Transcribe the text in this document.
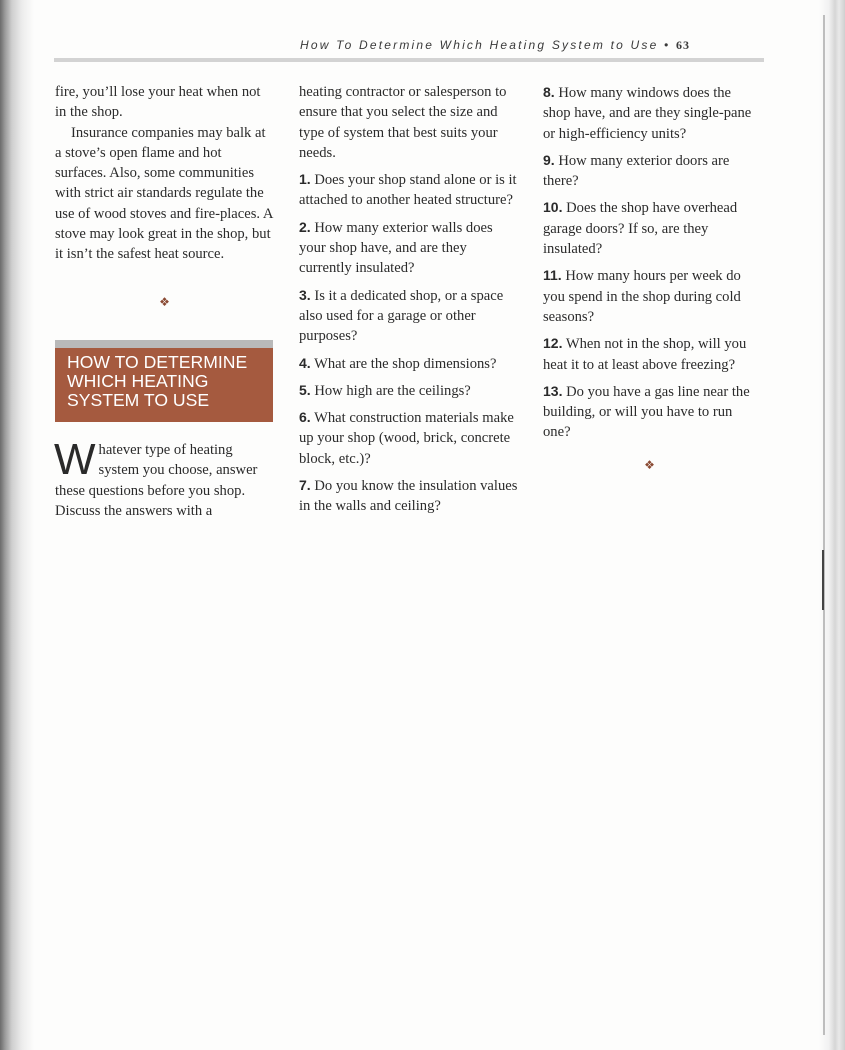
How To Determine Which Heating System to Use • 63

fire, you’ll lose your heat when not in the shop.

Insurance companies may balk at a stove’s open flame and hot surfaces. Also, some communities with strict air standards regulate the use of wood stoves and fire-places. A stove may look great in the shop, but it isn’t the safest heat source.

❖
HOW TO DETERMINE WHICH HEATING SYSTEM TO USE
W hatever type of heating system you choose, answer these questions before you shop. Discuss the answers with a

heating contractor or salesperson to ensure that you select the size and type of system that best suits your needs.

1. Does your shop stand alone or is it attached to another heated structure?

2. How many exterior walls does your shop have, and are they currently insulated?

3. Is it a dedicated shop, or a space also used for a garage or other purposes?

4. What are the shop dimensions?

5. How high are the ceilings?

6. What construction materials make up your shop (wood, brick, concrete block, etc.)?

7. Do you know the insulation values in the walls and ceiling?

8. How many windows does the shop have, and are they single-pane or high-efficiency units?

9. How many exterior doors are there?

10. Does the shop have overhead garage doors? If so, are they insulated?

11. How many hours per week do you spend in the shop during cold seasons?

12. When not in the shop, will you heat it to at least above freezing?

13. Do you have a gas line near the building, or will you have to run one?

❖
